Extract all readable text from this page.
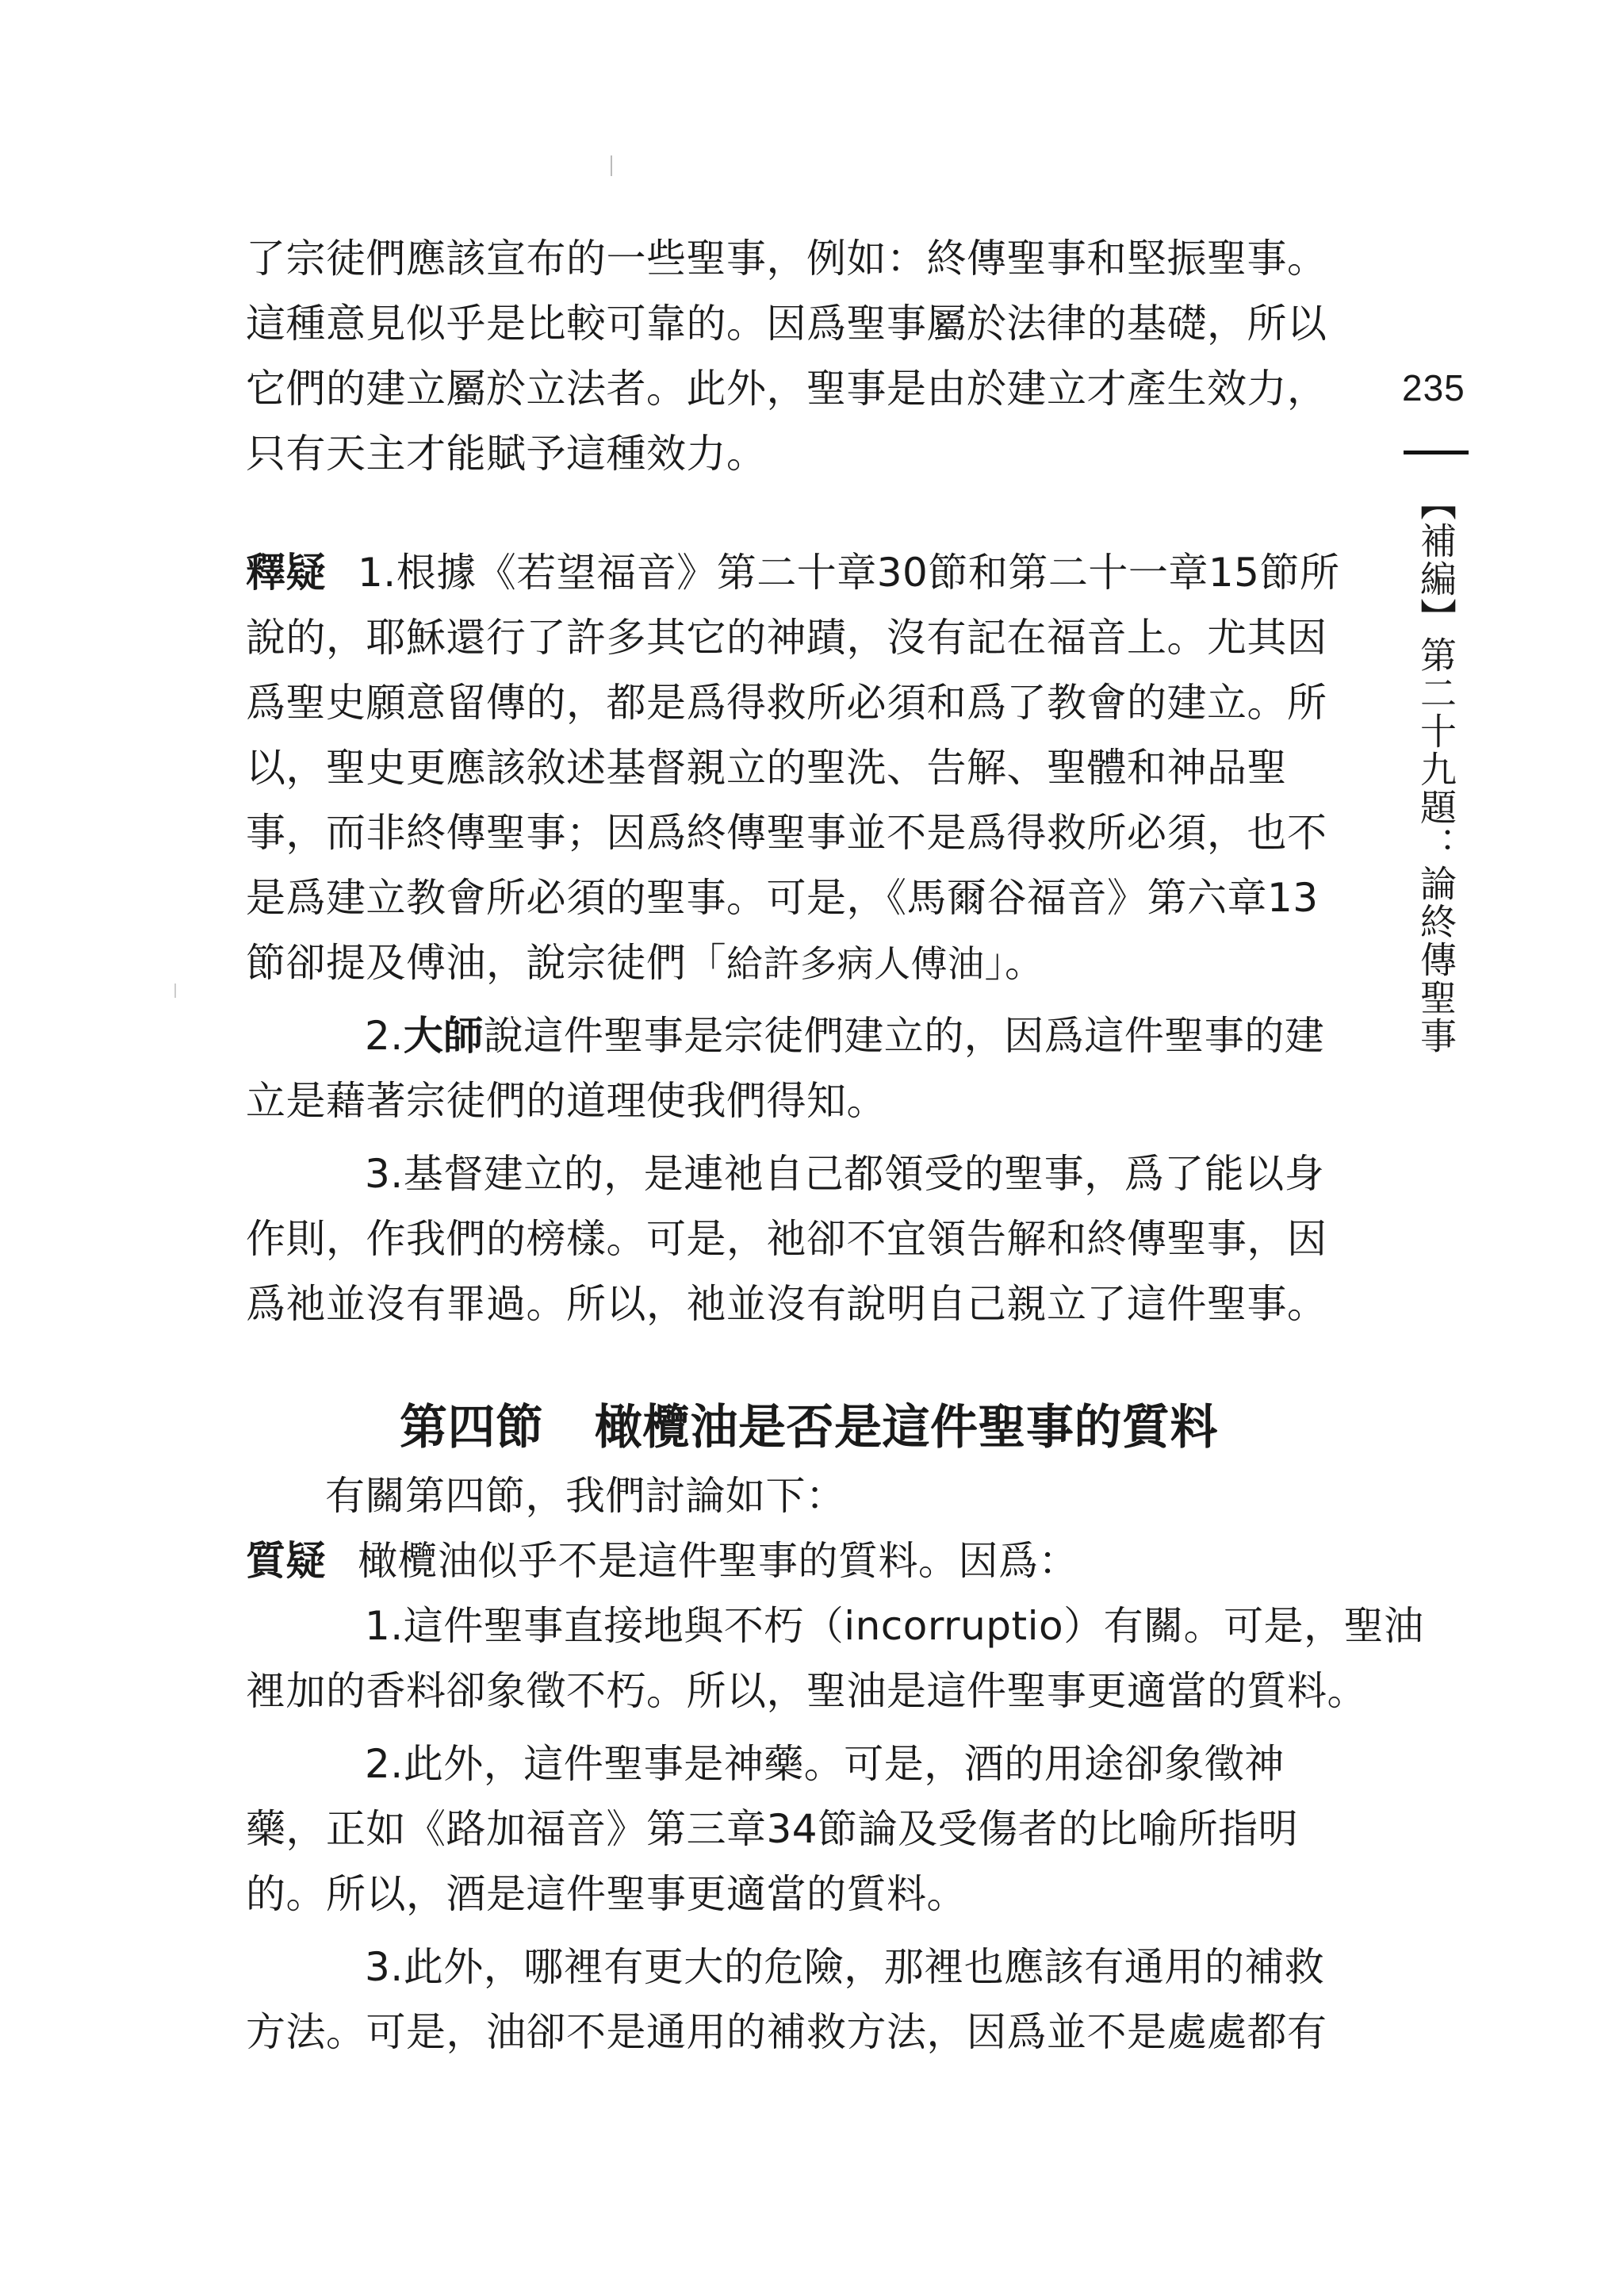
235
【補編】第二十九題：論終傳聖事
了宗徒們應該宣布的一些聖事，例如：終傳聖事和堅振聖事。
這種意見似乎是比較可靠的。因爲聖事屬於法律的基礎，所以
它們的建立屬於立法者。此外，聖事是由於建立才產生效力，
只有天主才能賦予這種效力。
釋疑 1.根據《若望福音》第二十章30節和第二十一章15節所
說的，耶穌還行了許多其它的神蹟，沒有記在福音上。尤其因
爲聖史願意留傳的，都是爲得救所必須和爲了教會的建立。所
以，聖史更應該敘述基督親立的聖洗、告解、聖體和神品聖
事，而非終傳聖事；因爲終傳聖事並不是爲得救所必須，也不
是爲建立教會所必須的聖事。可是，《馬爾谷福音》第六章13
節卻提及傅油，說宗徒們「給許多病人傅油」。
2.大師說這件聖事是宗徒們建立的，因爲這件聖事的建
立是藉著宗徒們的道理使我們得知。
3.基督建立的，是連祂自己都領受的聖事，爲了能以身
作則，作我們的榜樣。可是，祂卻不宜領告解和終傳聖事，因
爲祂並沒有罪過。所以，祂並沒有說明自己親立了這件聖事。
第四節 橄欖油是否是這件聖事的質料
有關第四節，我們討論如下：
質疑 橄欖油似乎不是這件聖事的質料。因爲：
1.這件聖事直接地與不朽（incorruptio）有關。可是，聖油
裡加的香料卻象徵不朽。所以，聖油是這件聖事更適當的質料。
2.此外，這件聖事是神藥。可是，酒的用途卻象徵神
藥，正如《路加福音》第三章34節論及受傷者的比喻所指明
的。所以，酒是這件聖事更適當的質料。
3.此外，哪裡有更大的危險，那裡也應該有通用的補救
方法。可是，油卻不是通用的補救方法，因爲並不是處處都有
